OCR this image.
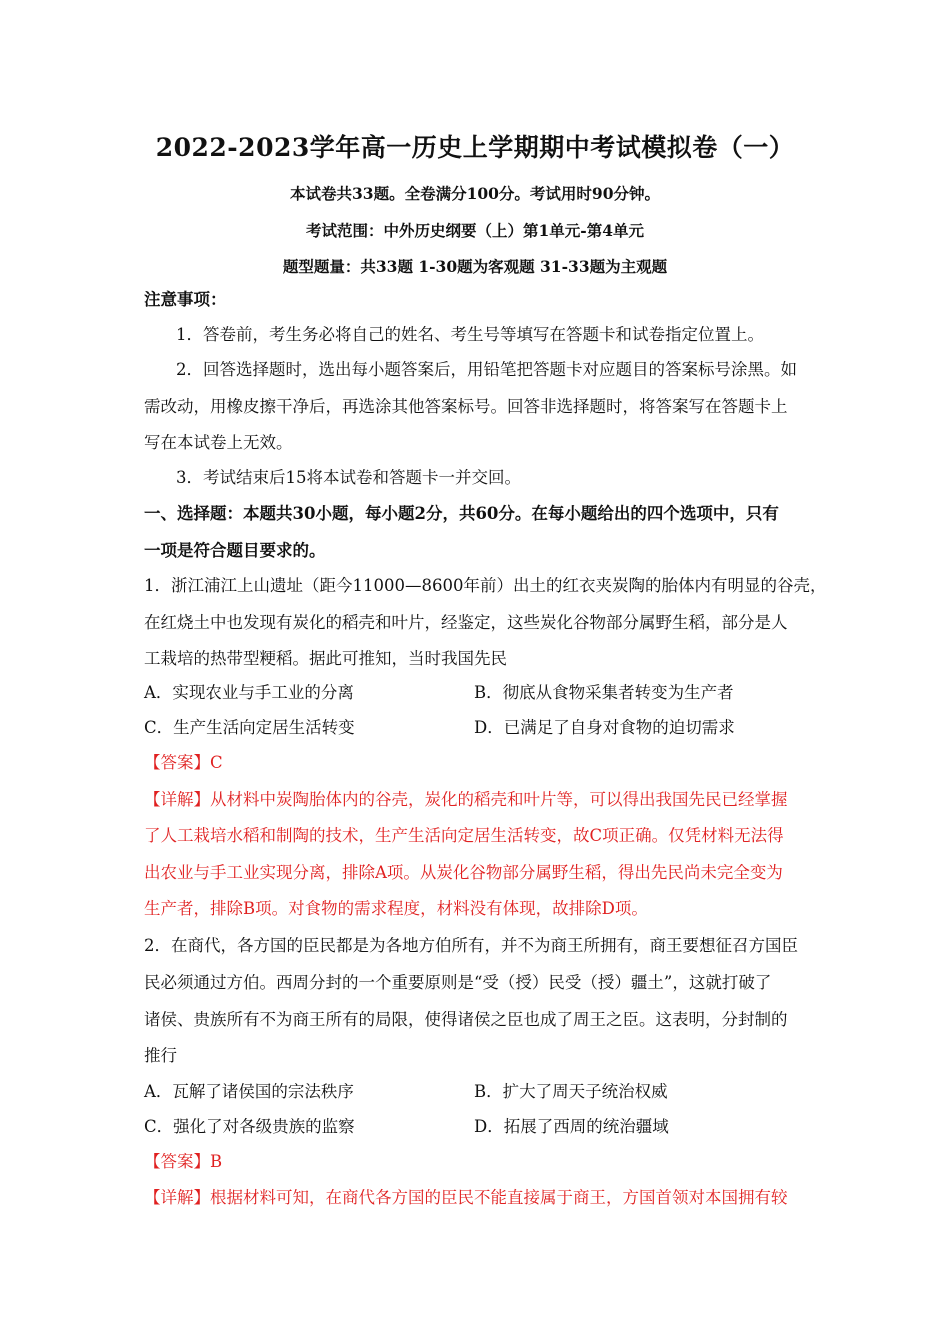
2022-2023学年高一历史上学期期中考试模拟卷（一）
本试卷共33题。全卷满分100分。考试用时90分钟。
考试范围：中外历史纲要（上）第1单元-第4单元
题型题量：共33题 1-30题为客观题 31-33题为主观题
注意事项：
1．答卷前，考生务必将自己的姓名、考生号等填写在答题卡和试卷指定位置上。
2．回答选择题时，选出每小题答案后，用铅笔把答题卡对应题目的答案标号涂黑。如
需改动，用橡皮擦干净后，再选涂其他答案标号。回答非选择题时，将答案写在答题卡上
写在本试卷上无效。
3．考试结束后15将本试卷和答题卡一并交回。
一、选择题：本题共30小题，每小题2分，共60分。在每小题给出的四个选项中，只有
一项是符合题目要求的。
1．浙江浦江上山遗址（距今11000—8600年前）出土的红衣夹炭陶的胎体内有明显的谷壳，
在红烧土中也发现有炭化的稻壳和叶片，经鉴定，这些炭化谷物部分属野生稻，部分是人
工栽培的热带型粳稻。据此可推知，当时我国先民
A．实现农业与手工业的分离	B．彻底从食物采集者转变为生产者
C．生产生活向定居生活转变	D．已满足了自身对食物的迫切需求
【答案】C
【详解】从材料中炭陶胎体内的谷壳，炭化的稻壳和叶片等，可以得出我国先民已经掌握
了人工栽培水稻和制陶的技术，生产生活向定居生活转变，故C项正确。仅凭材料无法得
出农业与手工业实现分离，排除A项。从炭化谷物部分属野生稻，得出先民尚未完全变为
生产者，排除B项。对食物的需求程度，材料没有体现，故排除D项。
2．在商代，各方国的臣民都是为各地方伯所有，并不为商王所拥有，商王要想征召方国臣
民必须通过方伯。西周分封的一个重要原则是“受（授）民受（授）疆土”，这就打破了
诸侯、贵族所有不为商王所有的局限，使得诸侯之臣也成了周王之臣。这表明，分封制的
推行
A．瓦解了诸侯国的宗法秩序	B．扩大了周天子统治权威
C．强化了对各级贵族的监察	D．拓展了西周的统治疆域
【答案】B
【详解】根据材料可知，在商代各方国的臣民不能直接属于商王，方国首领对本国拥有较
